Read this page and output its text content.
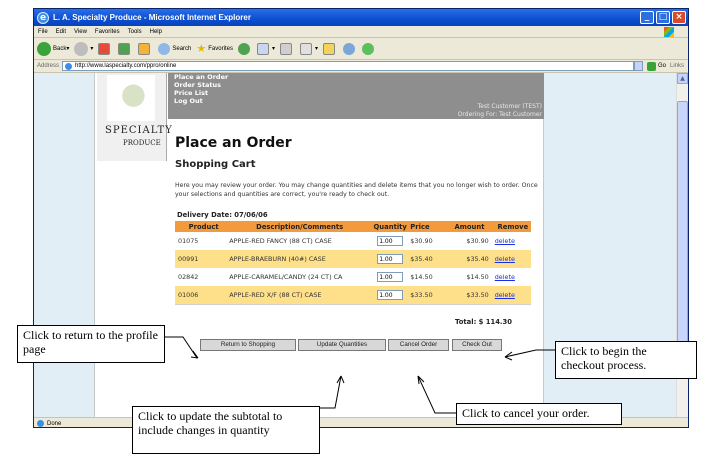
e L. A. Specialty Produce - Microsoft Internet Explorer	_	□ ×
File Edit View Favorites Tools Help
Back ▾	▾	Search ★ Favorites	▾	▾
Address	http://www.laspecialty.com/ppro/online	Go Links
SPECIALTY
PRODUCE
Place an Order
Order Status
Price List
Log Out
Test Customer (TEST)
Ordering For: Test Customer
Place an Order
Shopping Cart
Here you may review your order. You may change quantities and delete items that you no longer wish to order. Once your selections and quantities are correct, you're ready to check out.
Delivery Date: 07/06/06
Product	Description/Comments	Quantity	Price	Amount	Remove
01075	APPLE-RED FANCY (88 CT) CASE	1.00	$30.90	$30.90	delete
00991	APPLE-BRAEBURN (40#) CASE	1.00	$35.40	$35.40	delete
02842	APPLE-CARAMEL/CANDY (24 CT) CA	1.00	$14.50	$14.50	delete
01006	APPLE-RED X/F (88 CT) CASE	1.00	$33.50	$33.50	delete
Total: $ 114.30
Return to Shopping	Update Quantities	Cancel Order	Check Out
▲
Done
Click to return to the profile page	Click to begin the checkout process.
Click to update the subtotal to include changes in quantity
Click to cancel your order.
